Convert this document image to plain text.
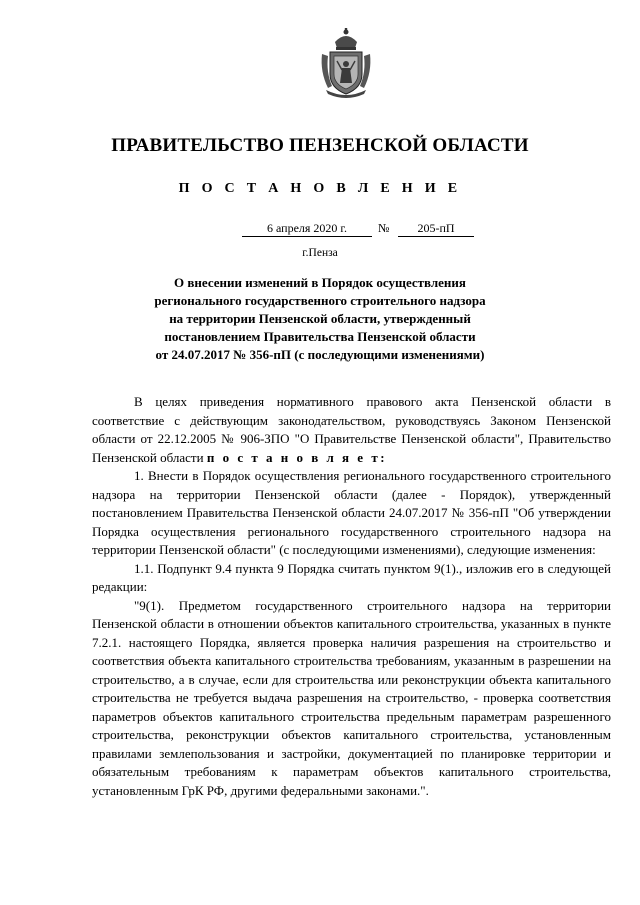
ПРАВИТЕЛЬСТВО ПЕНЗЕНСКОЙ ОБЛАСТИ
П О С Т А Н О В Л Е Н И Е
6 апреля 2020 г.	№	205-пП
г.Пенза
О внесении изменений в Порядок осуществления
регионального государственного строительного надзора
на территории Пензенской области, утвержденный
постановлением Правительства Пензенской области
от 24.07.2017 № 356-пП (с последующими изменениями)

В целях приведения нормативного правового акта Пензенской области в соответствие с действующим законодательством, руководствуясь Законом Пензенской области от 22.12.2005 № 906-ЗПО "О Правительстве Пензенской области", Правительство Пензенской области п о с т а н о в л я е т:

1. Внести в Порядок осуществления регионального государственного строительного надзора на территории Пензенской области (далее - Порядок), утвержденный постановлением Правительства Пензенской области 24.07.2017 № 356-пП "Об утверждении Порядка осуществления регионального государственного строительного надзора на территории Пензенской области" (с последующими изменениями), следующие изменения:

1.1. Подпункт 9.4 пункта 9 Порядка считать пунктом 9(1)., изложив его в следующей редакции:

"9(1). Предметом государственного строительного надзора на территории Пензенской области в отношении объектов капитального строительства, указанных в пункте 7.2.1. настоящего Порядка, является проверка наличия разрешения на строительство и соответствия объекта капитального строительства требованиям, указанным в разрешении на строительство, а в случае, если для строительства или реконструкции объекта капитального строительства не требуется выдача разрешения на строительство, - проверка соответствия параметров объектов капитального строительства предельным параметрам разрешенного строительства, реконструкции объектов капитального строительства, установленным правилами землепользования и застройки, документацией по планировке территории и обязательным требованиям к параметрам объектов капитального строительства, установленным ГрК РФ, другими федеральными законами.".
